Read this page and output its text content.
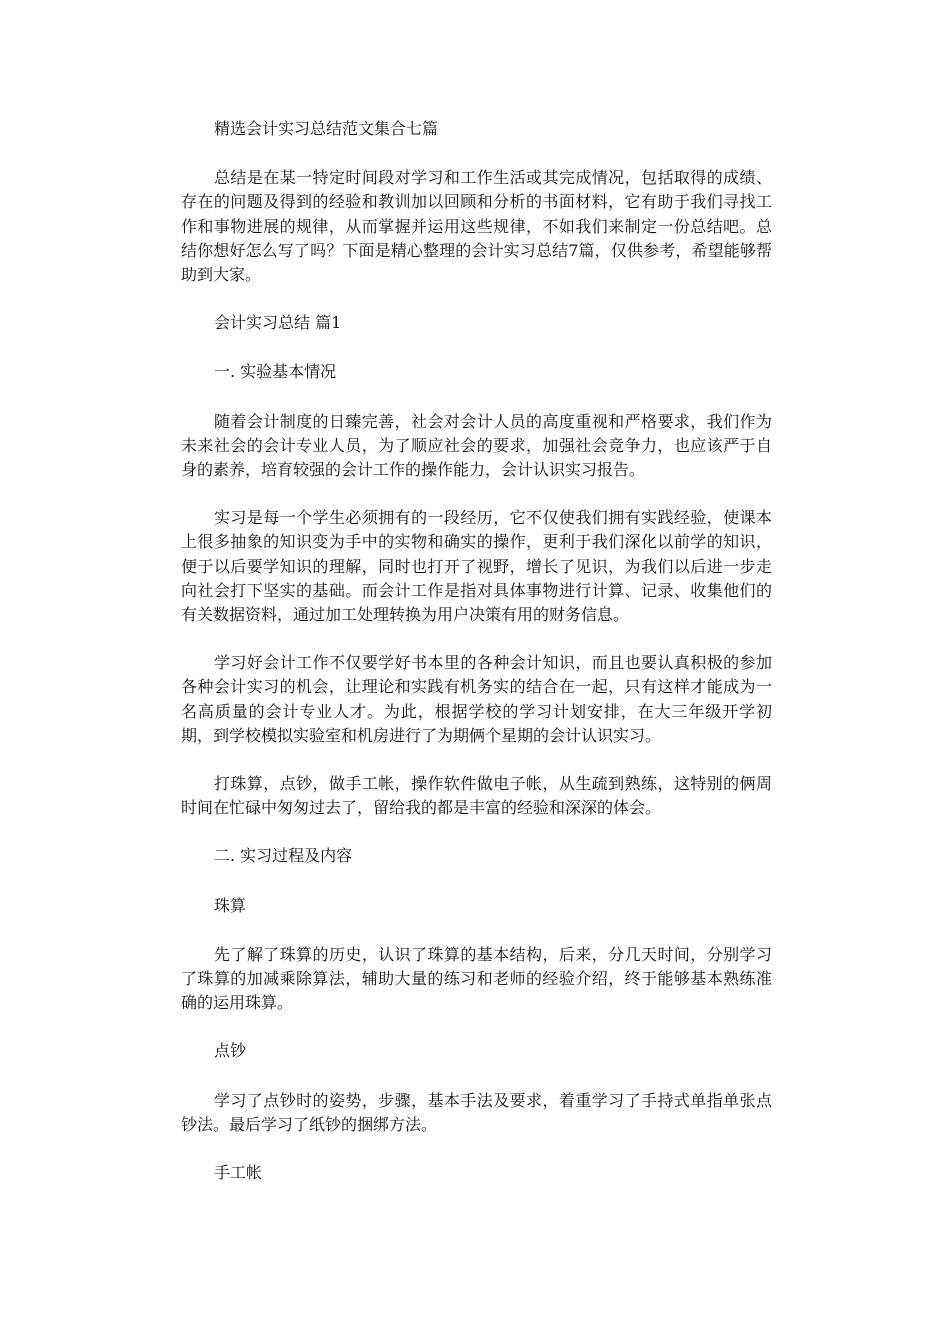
精选会计实习总结范文集合七篇

总结是在某一特定时间段对学习和工作生活或其完成情况，包括取得的成绩、存在的问题及得到的经验和教训加以回顾和分析的书面材料，它有助于我们寻找工作和事物进展的规律，从而掌握并运用这些规律，不如我们来制定一份总结吧。总结你想好怎么写了吗？下面是精心整理的会计实习总结7篇，仅供参考，希望能够帮助到大家。

会计实习总结 篇1

一. 实验基本情况

随着会计制度的日臻完善，社会对会计人员的高度重视和严格要求，我们作为未来社会的会计专业人员，为了顺应社会的要求，加强社会竞争力，也应该严于自身的素养，培育较强的会计工作的操作能力，会计认识实习报告。

实习是每一个学生必须拥有的一段经历，它不仅使我们拥有实践经验，使课本上很多抽象的知识变为手中的实物和确实的操作，更利于我们深化以前学的知识，便于以后要学知识的理解，同时也打开了视野，增长了见识，为我们以后进一步走向社会打下坚实的基础。而会计工作是指对具体事物进行计算、记录、收集他们的有关数据资料，通过加工处理转换为用户决策有用的财务信息。

学习好会计工作不仅要学好书本里的各种会计知识，而且也要认真积极的参加各种会计实习的机会，让理论和实践有机务实的结合在一起，只有这样才能成为一名高质量的会计专业人才。为此，根据学校的学习计划安排，在大三年级开学初期，到学校模拟实验室和机房进行了为期俩个星期的会计认识实习。

打珠算，点钞，做手工帐，操作软件做电子帐，从生疏到熟练，这特别的俩周时间在忙碌中匆匆过去了，留给我的都是丰富的经验和深深的体会。

二. 实习过程及内容

珠算

先了解了珠算的历史，认识了珠算的基本结构，后来，分几天时间，分别学习了珠算的加减乘除算法，辅助大量的练习和老师的经验介绍，终于能够基本熟练准确的运用珠算。

点钞

学习了点钞时的姿势，步骤，基本手法及要求，着重学习了手持式单指单张点钞法。最后学习了纸钞的捆绑方法。

手工帐
